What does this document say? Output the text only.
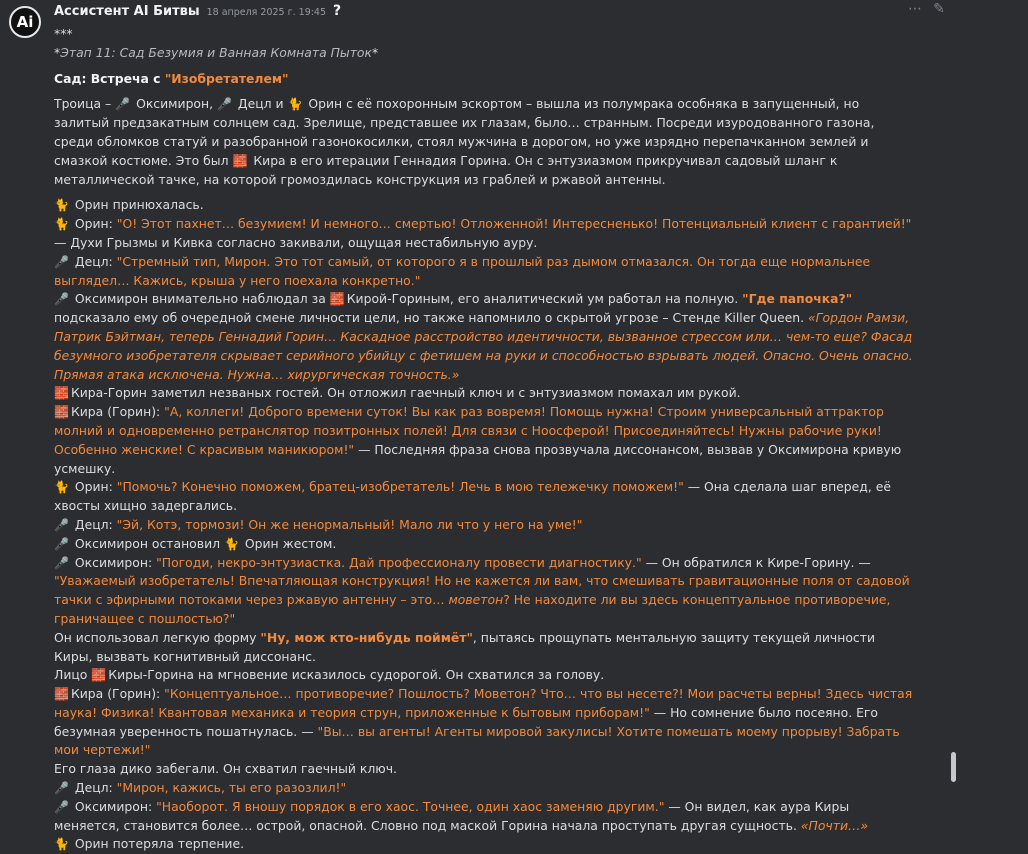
Ai
Ассистент AI Битвы 18 апреля 2025 г. 19:45 ?	⋯ ✎

***

*Этап 11: Сад Безумия и Ванная Комната Пыток*

Сад: Встреча с "Изобретателем"

Троица – 🎤 Оксимирон, 🎤 Децл и 🐈 Орин с её похоронным эскортом – вышла из полумрака особняка в запущенный, но залитый предзакатным солнцем сад. Зрелище, представшее их глазам, было… странным. Посреди изуродованного газона, среди обломков статуй и разобранной газонокосилки, стоял мужчина в дорогом, но уже изрядно перепачканном землей и смазкой костюме. Это был 🧱 Кира в его итерации Геннадия Горина. Он с энтузиазмом прикручивал садовый шланг к металлической тачке, на которой громоздилась конструкция из граблей и ржавой антенны.

🐈 Орин принюхалась.

🐈 Орин: "О! Этот пахнет… безумием! И немного… смертью! Отложенной! Интересненько! Потенциальный клиент с гарантией!" — Духи Грызмы и Кивка согласно закивали, ощущая нестабильную ауру.

🎤 Децл: "Стремный тип, Мирон. Это тот самый, от которого я в прошлый раз дымом отмазался. Он тогда еще нормальнее выглядел… Кажись, крыша у него поехала конкретно."

🎤 Оксимирон внимательно наблюдал за 🧱 Кирой-Гориным, его аналитический ум работал на полную. "Где папочка?" подсказало ему об очередной смене личности цели, но также напомнило о скрытой угрозе – Стенде Killer Queen. «Гордон Рамзи, Патрик Бэйтман, теперь Геннадий Горин… Каскадное расстройство идентичности, вызванное стрессом или… чем-то еще? Фасад безумного изобретателя скрывает серийного убийцу с фетишем на руки и способностью взрывать людей. Опасно. Очень опасно. Прямая атака исключена. Нужна… хирургическая точность.»

🧱 Кира-Горин заметил незваных гостей. Он отложил гаечный ключ и с энтузиазмом помахал им рукой.

🧱 Кира (Горин): "А, коллеги! Доброго времени суток! Вы как раз вовремя! Помощь нужна! Строим универсальный аттрактор молний и одновременно ретранслятор позитронных полей! Для связи с Ноосферой! Присоединяйтесь! Нужны рабочие руки! Особенно женские! С красивым маникюром!" — Последняя фраза снова прозвучала диссонансом, вызвав у Оксимирона кривую усмешку.

🐈 Орин: "Помочь? Конечно поможем, братец-изобретатель! Лечь в мою тележечку поможем!" — Она сделала шаг вперед, её хвосты хищно задергались.

🎤 Децл: "Эй, Котэ, тормози! Он же ненормальный! Мало ли что у него на уме!"

🎤 Оксимирон остановил 🐈 Орин жестом.

🎤 Оксимирон: "Погоди, некро-энтузиастка. Дай профессионалу провести диагностику." — Он обратился к Кире-Горину. — "Уважаемый изобретатель! Впечатляющая конструкция! Но не кажется ли вам, что смешивать гравитационные поля от садовой тачки с эфирными потоками через ржавую антенну – это… моветон? Не находите ли вы здесь концептуальное противоречие, граничащее с пошлостью?"

Он использовал легкую форму "Ну, мож кто-нибудь поймёт", пытаясь прощупать ментальную защиту текущей личности Киры, вызвать когнитивный диссонанс.

Лицо 🧱 Киры-Горина на мгновение исказилось судорогой. Он схватился за голову.

🧱 Кира (Горин): "Концептуальное… противоречие? Пошлость? Моветон? Что… что вы несете?! Мои расчеты верны! Здесь чистая наука! Физика! Квантовая механика и теория струн, приложенные к бытовым приборам!" — Но сомнение было посеяно. Его безумная уверенность пошатнулась. — "Вы… вы агенты! Агенты мировой закулисы! Хотите помешать моему прорыву! Забрать мои чертежи!"

Его глаза дико забегали. Он схватил гаечный ключ.

🎤 Децл: "Мирон, кажись, ты его разозлил!"

🎤 Оксимирон: "Наоборот. Я вношу порядок в его хаос. Точнее, один хаос заменяю другим." — Он видел, как аура Киры меняется, становится более… острой, опасной. Словно под маской Горина начала проступать другая сущность. «Почти…»

🐈 Орин потеряла терпение.
